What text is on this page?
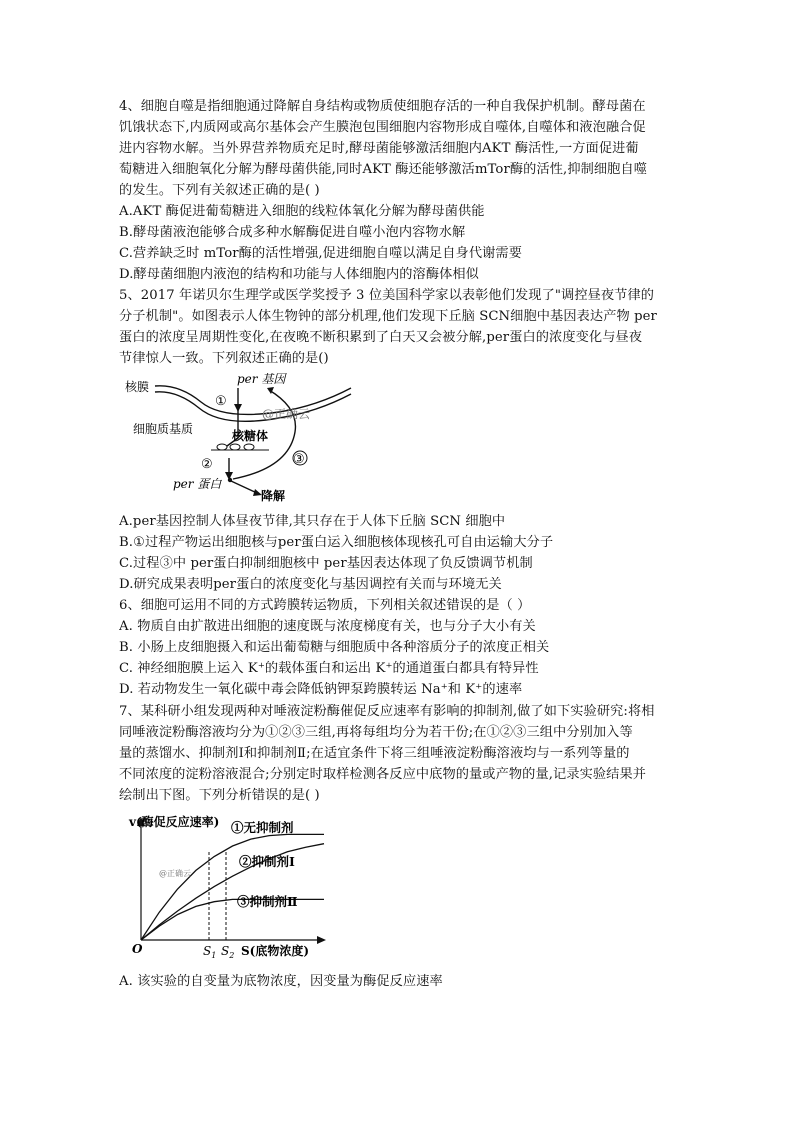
4、细胞自噬是指细胞通过降解自身结构或物质使细胞存活的一种自我保护机制。酵母菌在
饥饿状态下,内质网或高尔基体会产生膜泡包围细胞内容物形成自噬体,自噬体和液泡融合促
进内容物水解。当外界营养物质充足时,酵母菌能够激活细胞内AKT 酶活性,一方面促进葡
萄糖进入细胞氧化分解为酵母菌供能,同时AKT 酶还能够激活mTor酶的活性,抑制细胞自噬
的发生。下列有关叙述正确的是( )
A.AKT 酶促进葡萄糖进入细胞的线粒体氧化分解为酵母菌供能
B.酵母菌液泡能够合成多种水解酶促进自噬小泡内容物水解
C.营养缺乏时 mTor酶的活性增强,促进细胞自噬以满足自身代谢需要
D.酵母菌细胞内液泡的结构和功能与人体细胞内的溶酶体相似
5、2017 年诺贝尔生理学或医学奖授予 3 位美国科学家以表彰他们发现了"调控昼夜节律的
分子机制"。如图表示人体生物钟的部分机理,他们发现下丘脑 SCN细胞中基因表达产物 per
蛋白的浓度呈周期性变化,在夜晚不断积累到了白天又会被分解,per蛋白的浓度变化与昼夜
节律惊人一致。下列叙述正确的是()
核膜
细胞质基质
per 基因
①
@正确云
核糖体
②	③
per 蛋白
降解
A.per基因控制人体昼夜节律,其只存在于人体下丘脑 SCN 细胞中
B.①过程产物运出细胞核与per蛋白运入细胞核体现核孔可自由运输大分子
C.过程③中 per蛋白抑制细胞核中 per基因表达体现了负反馈调节机制
D.研究成果表明per蛋白的浓度变化与基因调控有关而与环境无关
6、细胞可运用不同的方式跨膜转运物质，下列相关叙述错误的是（ ）
A. 物质自由扩散进出细胞的速度既与浓度梯度有关，也与分子大小有关
B. 小肠上皮细胞摄入和运出葡萄糖与细胞质中各种溶质分子的浓度正相关
C. 神经细胞膜上运入 K⁺的载体蛋白和运出 K⁺的通道蛋白都具有特异性
D. 若动物发生一氧化碳中毒会降低钠钾泵跨膜转运 Na⁺和 K⁺的速率
7、某科研小组发现两种对唾液淀粉酶催促反应速率有影响的抑制剂,做了如下实验研究:将相
同唾液淀粉酶溶液均分为①②③三组,再将每组均分为若干份;在①②③三组中分别加入等
量的蒸馏水、抑制剂Ⅰ和抑制剂Ⅱ;在适宜条件下将三组唾液淀粉酶溶液均与一系列等量的
不同浓度的淀粉溶液混合;分别定时取样检测各反应中底物的量或产物的量,记录实验结果并
绘制出下图。下列分析错误的是( )
v(酶促反应速率) ①无抑制剂
②抑制剂Ⅰ
③抑制剂Ⅱ
@正确云
O	$S_1$ $S_2$ S(底物浓度)
A. 该实验的自变量为底物浓度，因变量为酶促反应速率
